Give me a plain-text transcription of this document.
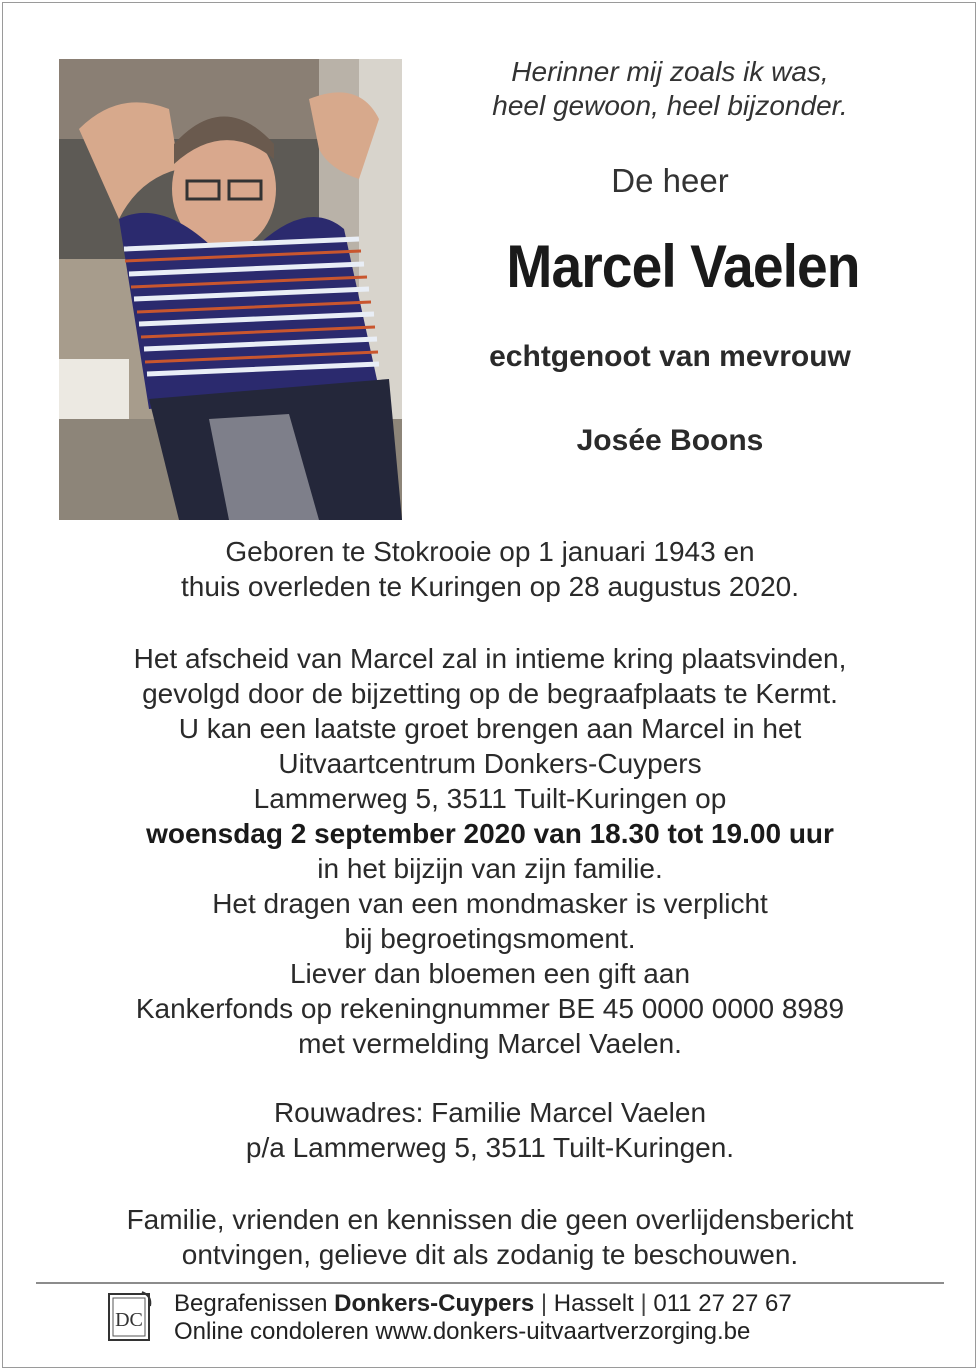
Herinner mij zoals ik was,
heel gewoon, heel bijzonder.
De heer
Marcel Vaelen
echtgenoot van mevrouw
Josée Boons
Geboren te Stokrooie op 1 januari 1943 en
thuis overleden te Kuringen op 28 augustus 2020.
Het afscheid van Marcel zal in intieme kring plaatsvinden,
gevolgd door de bijzetting op de begraafplaats te Kermt.
U kan een laatste groet brengen aan Marcel in het
Uitvaartcentrum Donkers-Cuypers
Lammerweg 5, 3511 Tuilt-Kuringen op
woensdag 2 september 2020 van 18.30 tot 19.00 uur
in het bijzijn van zijn familie.
Het dragen van een mondmasker is verplicht
bij begroetingsmoment.
Liever dan bloemen een gift aan
Kankerfonds op rekeningnummer BE 45 0000 0000 8989
met vermelding Marcel Vaelen.
Rouwadres: Familie Marcel Vaelen
p/a Lammerweg 5, 3511 Tuilt-Kuringen.
Familie, vrienden en kennissen die geen overlijdensbericht
ontvingen, gelieve dit als zodanig te beschouwen.
DC
Begrafenissen Donkers-Cuypers | Hasselt | 011 27 27 67
Online condoleren www.donkers-uitvaartverzorging.be
